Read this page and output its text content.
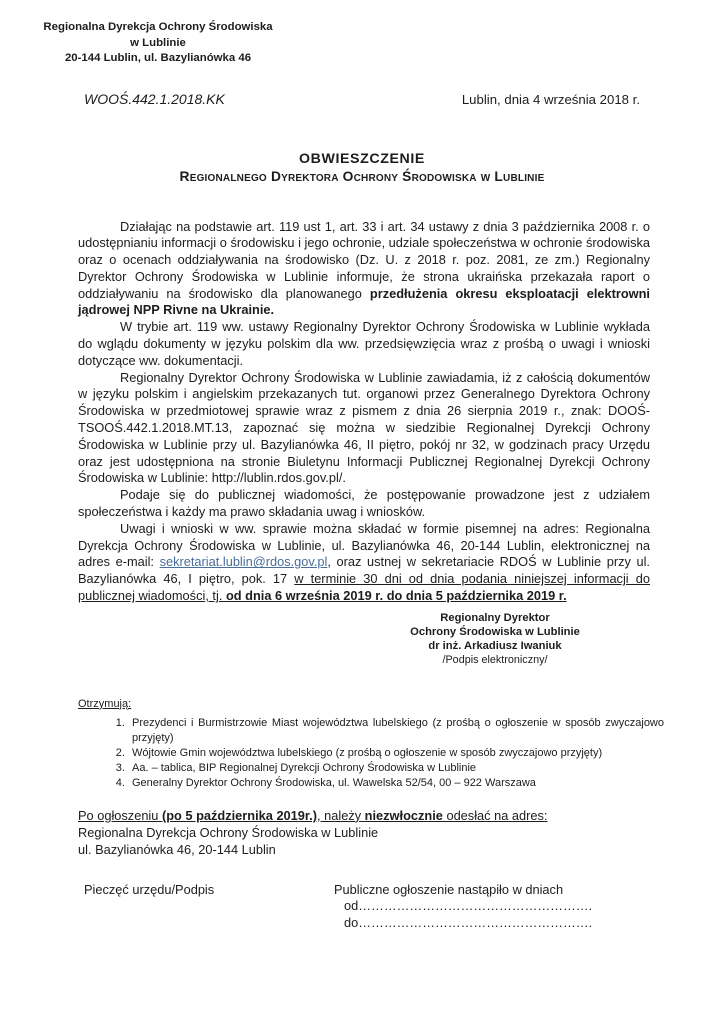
Regionalna Dyrekcja Ochrony Środowiska
w Lublinie
20-144 Lublin, ul. Bazylianówka 46
WOOŚ.442.1.2018.KK	Lublin, dnia 4 września 2018 r.
OBWIESZCZENIE
Regionalnego Dyrektora Ochrony Środowiska w Lublinie

Działając na podstawie art. 119 ust 1, art. 33 i art. 34 ustawy z dnia 3 października 2008 r. o udostępnianiu informacji o środowisku i jego ochronie, udziale społeczeństwa w ochronie środowiska oraz o ocenach oddziaływania na środowisko (Dz. U. z 2018 r. poz. 2081, ze zm.) Regionalny Dyrektor Ochrony Środowiska w Lublinie informuje, że strona ukraińska przekazała raport o oddziaływaniu na środowisko dla planowanego przedłużenia okresu eksploatacji elektrowni jądrowej NPP Rivne na Ukrainie.

W trybie art. 119 ww. ustawy Regionalny Dyrektor Ochrony Środowiska w Lublinie wykłada do wglądu dokumenty w języku polskim dla ww. przedsięwzięcia wraz z prośbą o uwagi i wnioski dotyczące ww. dokumentacji.

Regionalny Dyrektor Ochrony Środowiska w Lublinie zawiadamia, iż z całością dokumentów w języku polskim i angielskim przekazanych tut. organowi przez Generalnego Dyrektora Ochrony Środowiska w przedmiotowej sprawie wraz z pismem z dnia 26 sierpnia 2019 r., znak: DOOŚ-TSOOŚ.442.1.2018.MT.13, zapoznać się można w siedzibie Regionalnej Dyrekcji Ochrony Środowiska w Lublinie przy ul. Bazylianówka 46, II piętro, pokój nr 32, w godzinach pracy Urzędu oraz jest udostępniona na stronie Biuletynu Informacji Publicznej Regionalnej Dyrekcji Ochrony Środowiska w Lublinie: http://lublin.rdos.gov.pl/.

Podaje się do publicznej wiadomości, że postępowanie prowadzone jest z udziałem społeczeństwa i każdy ma prawo składania uwag i wniosków.

Uwagi i wnioski w ww. sprawie można składać w formie pisemnej na adres: Regionalna Dyrekcja Ochrony Środowiska w Lublinie, ul. Bazylianówka 46, 20-144 Lublin, elektronicznej na adres e-mail: sekretariat.lublin@rdos.gov.pl, oraz ustnej w sekretariacie RDOŚ w Lublinie przy ul. Bazylianówka 46, I piętro, pok. 17 w terminie 30 dni od dnia podania niniejszej informacji do publicznej wiadomości, tj. od dnia 6 września 2019 r. do dnia 5 października 2019 r.

Regionalny Dyrektor
Ochrony Środowiska w Lublinie
dr inż. Arkadiusz Iwaniuk
/Podpis elektroniczny/
Otrzymują:
1. Prezydenci i Burmistrzowie Miast województwa lubelskiego (z prośbą o ogłoszenie w sposób zwyczajowo przyjęty)
2. Wójtowie Gmin województwa lubelskiego (z prośbą o ogłoszenie w sposób zwyczajowo przyjęty)
3. Aa. – tablica, BIP Regionalnej Dyrekcji Ochrony Środowiska w Lublinie
4. Generalny Dyrektor Ochrony Środowiska, ul. Wawelska 52/54, 00 – 922 Warszawa

Po ogłoszeniu (po 5 października 2019r.), należy niezwłocznie odesłać na adres:

Regionalna Dyrekcja Ochrony Środowiska w Lublinie
ul. Bazylianówka 46, 20-144 Lublin
Pieczęć urzędu/Podpis	Publiczne ogłoszenie nastąpiło w dniach
od……………………………………………….
do……………………………………………….
